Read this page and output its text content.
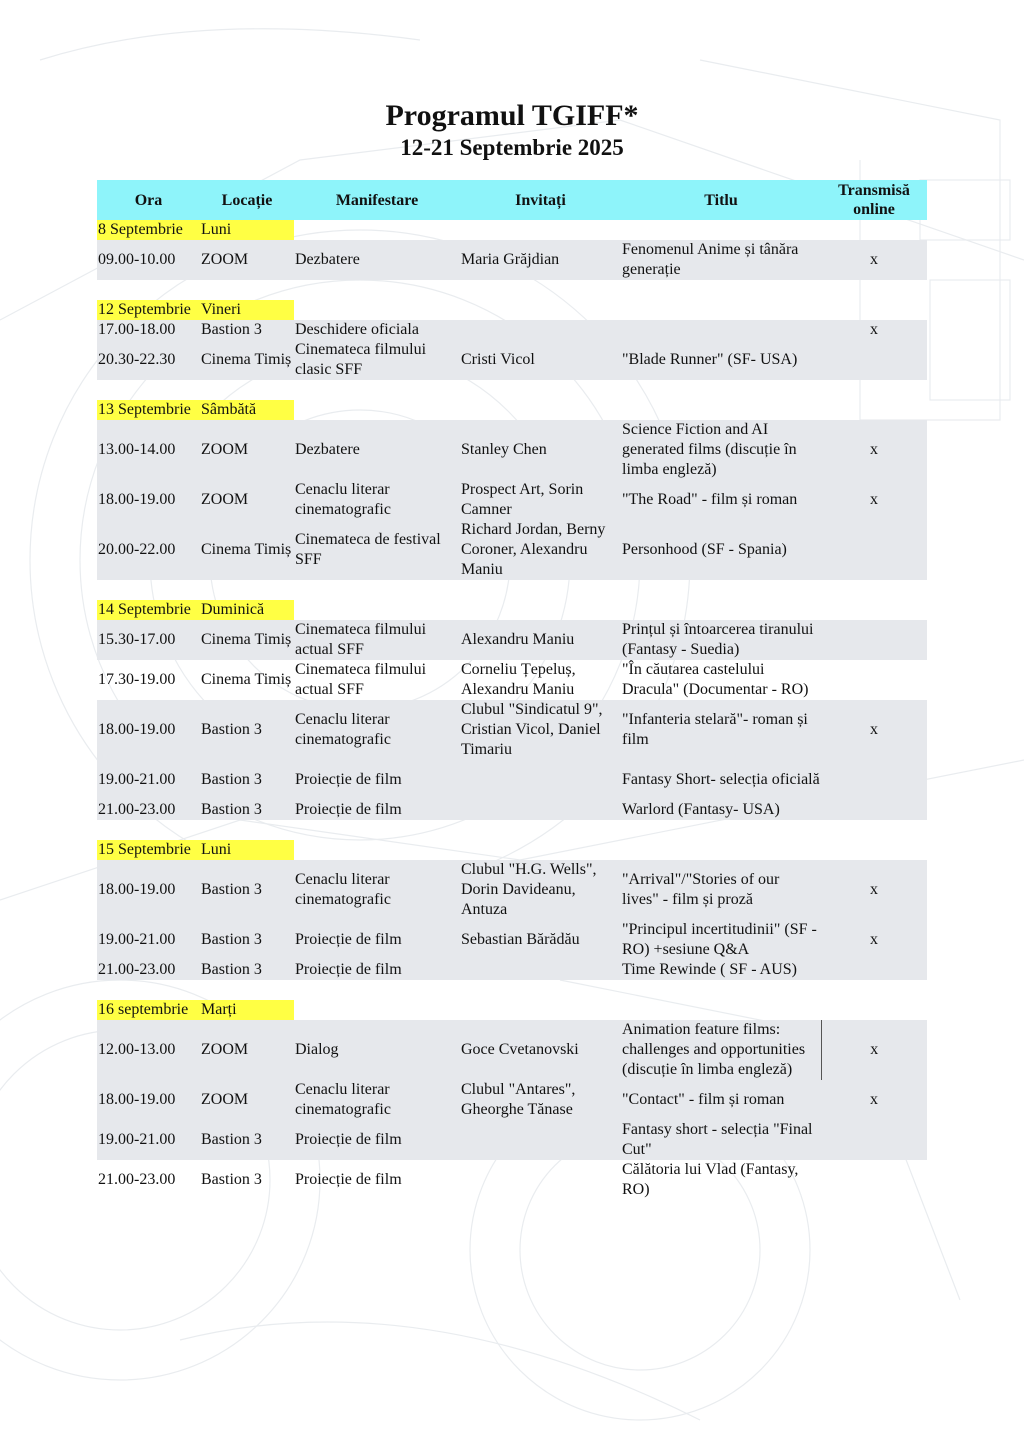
Programul TGIFF*
12-21 Septembrie 2025
Ora	Locație	Manifestare	Invitați	Titlu	Transmisă online
8 Septembrie	Luni				
09.00-10.00	ZOOM	Dezbatere	Maria Grăjdian	Fenomenul Anime și tânăra generație	x

12 Septembrie	Vineri				
17.00-18.00	Bastion 3	Deschidere oficiala			x
20.30-22.30	Cinema Timiș	Cinemateca filmului clasic SFF	Cristi Vicol	"Blade Runner" (SF- USA)	

13 Septembrie	Sâmbătă				
13.00-14.00	ZOOM	Dezbatere	Stanley Chen	Science Fiction and AI generated films (discuție în limba engleză)	x
18.00-19.00	ZOOM	Cenaclu literar cinematografic	Prospect Art, Sorin Camner	"The Road" - film și roman	x
20.00-22.00	Cinema Timiș	Cinemateca de festival SFF	Richard Jordan, Berny Coroner, Alexandru Maniu	Personhood (SF - Spania)	

14 Septembrie	Duminică				
15.30-17.00	Cinema Timiș	Cinemateca filmului actual SFF	Alexandru Maniu	Prințul și întoarcerea tiranului (Fantasy - Suedia)	
17.30-19.00	Cinema Timiș	Cinemateca filmului actual SFF	Corneliu Țepeluș, Alexandru Maniu	"În căutarea castelului Dracula" (Documentar - RO)	
18.00-19.00	Bastion 3	Cenaclu literar cinematografic	Clubul "Sindicatul 9", Cristian Vicol, Daniel Timariu	"Infanteria stelară"- roman și film	x
19.00-21.00	Bastion 3	Proiecție de film		Fantasy Short- selecția oficială	
21.00-23.00	Bastion 3	Proiecție de film		Warlord (Fantasy- USA)	

15 Septembrie	Luni				
18.00-19.00	Bastion 3	Cenaclu literar cinematografic	Clubul "H.G. Wells", Dorin Davideanu, Antuza	"Arrival"/"Stories of our lives" - film și proză	x
19.00-21.00	Bastion 3	Proiecție de film	Sebastian Bărădău	"Principul incertitudinii" (SF - RO) +sesiune Q&A	x
21.00-23.00	Bastion 3	Proiecție de film		Time Rewinde ( SF - AUS)	

16 septembrie	Marți				
12.00-13.00	ZOOM	Dialog	Goce Cvetanovski	Animation feature films: challenges and opportunities (discuție în limba engleză)	x
18.00-19.00	ZOOM	Cenaclu literar cinematografic	Clubul "Antares", Gheorghe Tănase	"Contact" - film și roman	x
19.00-21.00	Bastion 3	Proiecție de film		Fantasy short - selecția "Final Cut"	
21.00-23.00	Bastion 3	Proiecție de film		Călătoria lui Vlad (Fantasy, RO)	
